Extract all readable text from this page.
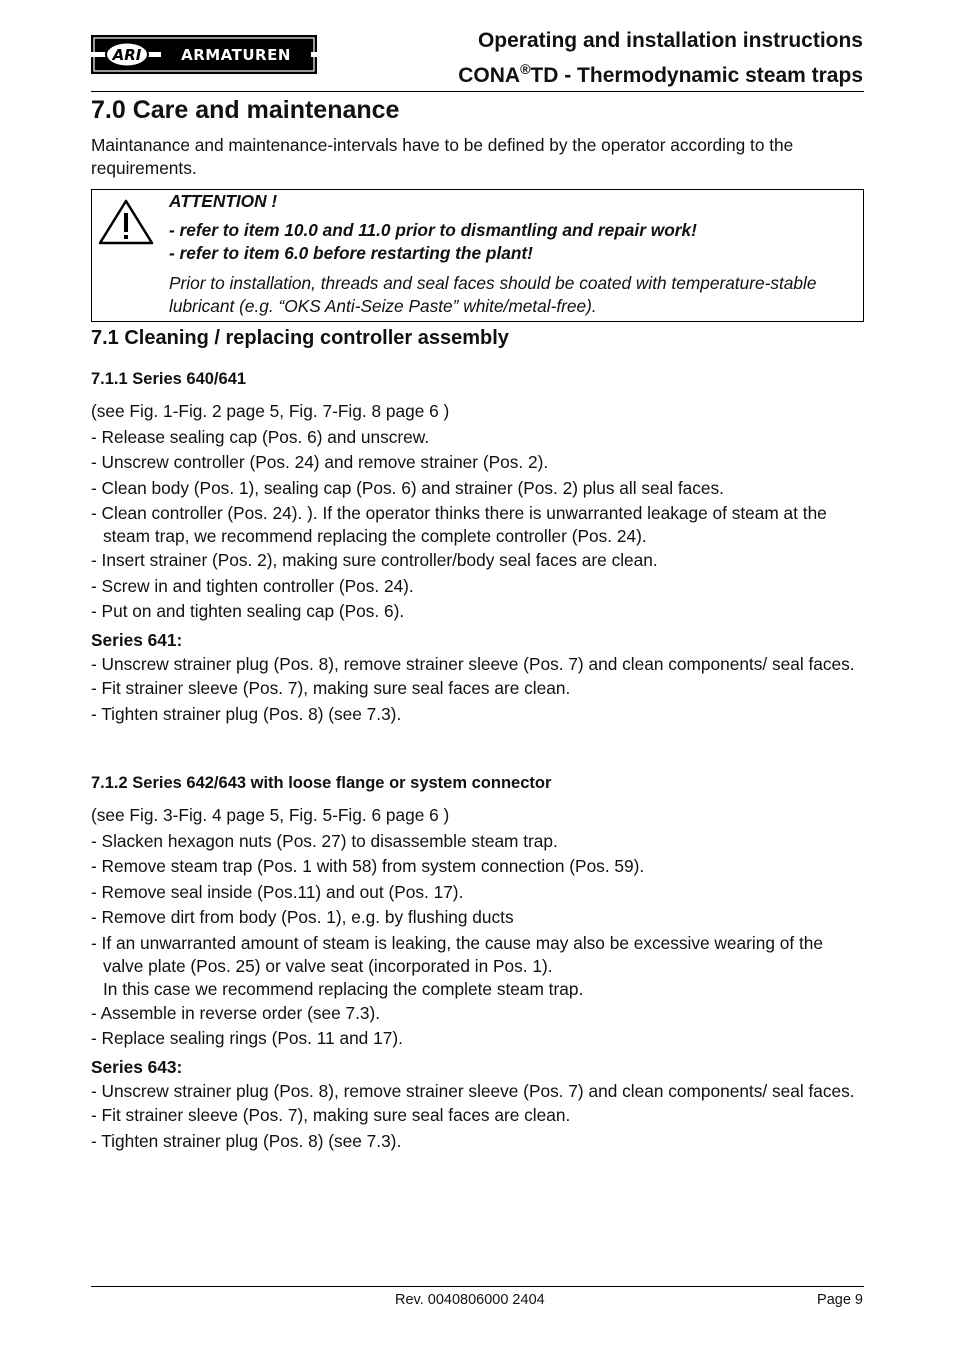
ARI	ARMATUREN
Operating and installation instructions
CONA®TD - Thermodynamic steam traps
7.0 Care and maintenance
Maintanance and maintenance-intervals have to be defined by the operator according to the requirements.
ATTENTION !
- refer to item 10.0 and 11.0 prior to dismantling and repair work!
- refer to item 6.0 before restarting the plant!
Prior to installation, threads and seal faces should be coated with temperature-stable lubricant (e.g. “OKS Anti-Seize Paste” white/metal-free).
7.1 Cleaning / replacing controller assembly
7.1.1 Series 640/641
(see Fig. 1-Fig. 2 page 5, Fig. 7-Fig. 8 page 6 )
- Release sealing cap (Pos. 6) and unscrew.
- Unscrew controller (Pos. 24) and remove strainer (Pos. 2).
- Clean body (Pos. 1), sealing cap (Pos. 6) and strainer (Pos. 2) plus all seal faces.
- Clean controller (Pos. 24). ). If the operator thinks there is unwarranted leakage of steam at the steam trap, we recommend replacing the complete controller (Pos. 24).
- Insert strainer (Pos. 2), making sure controller/body seal faces are clean.
- Screw in and tighten controller (Pos. 24).
- Put on and tighten sealing cap (Pos. 6).
Series 641:
- Unscrew strainer plug (Pos. 8), remove strainer sleeve (Pos. 7) and clean components/ seal faces.
- Fit strainer sleeve (Pos. 7), making sure seal faces are clean.
- Tighten strainer plug (Pos. 8) (see 7.3).
7.1.2 Series 642/643 with loose flange or system connector
(see Fig. 3-Fig. 4 page 5, Fig. 5-Fig. 6 page 6 )
- Slacken hexagon nuts (Pos. 27) to disassemble steam trap.
- Remove steam trap (Pos. 1 with 58) from system connection (Pos. 59).
- Remove seal inside (Pos.11) and out (Pos. 17).
- Remove dirt from body (Pos. 1), e.g. by flushing ducts
- If an unwarranted amount of steam is leaking, the cause may also be excessive wearing of the valve plate (Pos. 25) or valve seat (incorporated in Pos. 1).
In this case we recommend replacing the complete steam trap.
- Assemble in reverse order (see 7.3).
- Replace sealing rings (Pos. 11 and 17).
Series 643:
- Unscrew strainer plug (Pos. 8), remove strainer sleeve (Pos. 7) and clean components/ seal faces.
- Fit strainer sleeve (Pos. 7), making sure seal faces are clean.
- Tighten strainer plug (Pos. 8) (see 7.3).
Rev. 0040806000 2404	Page 9
